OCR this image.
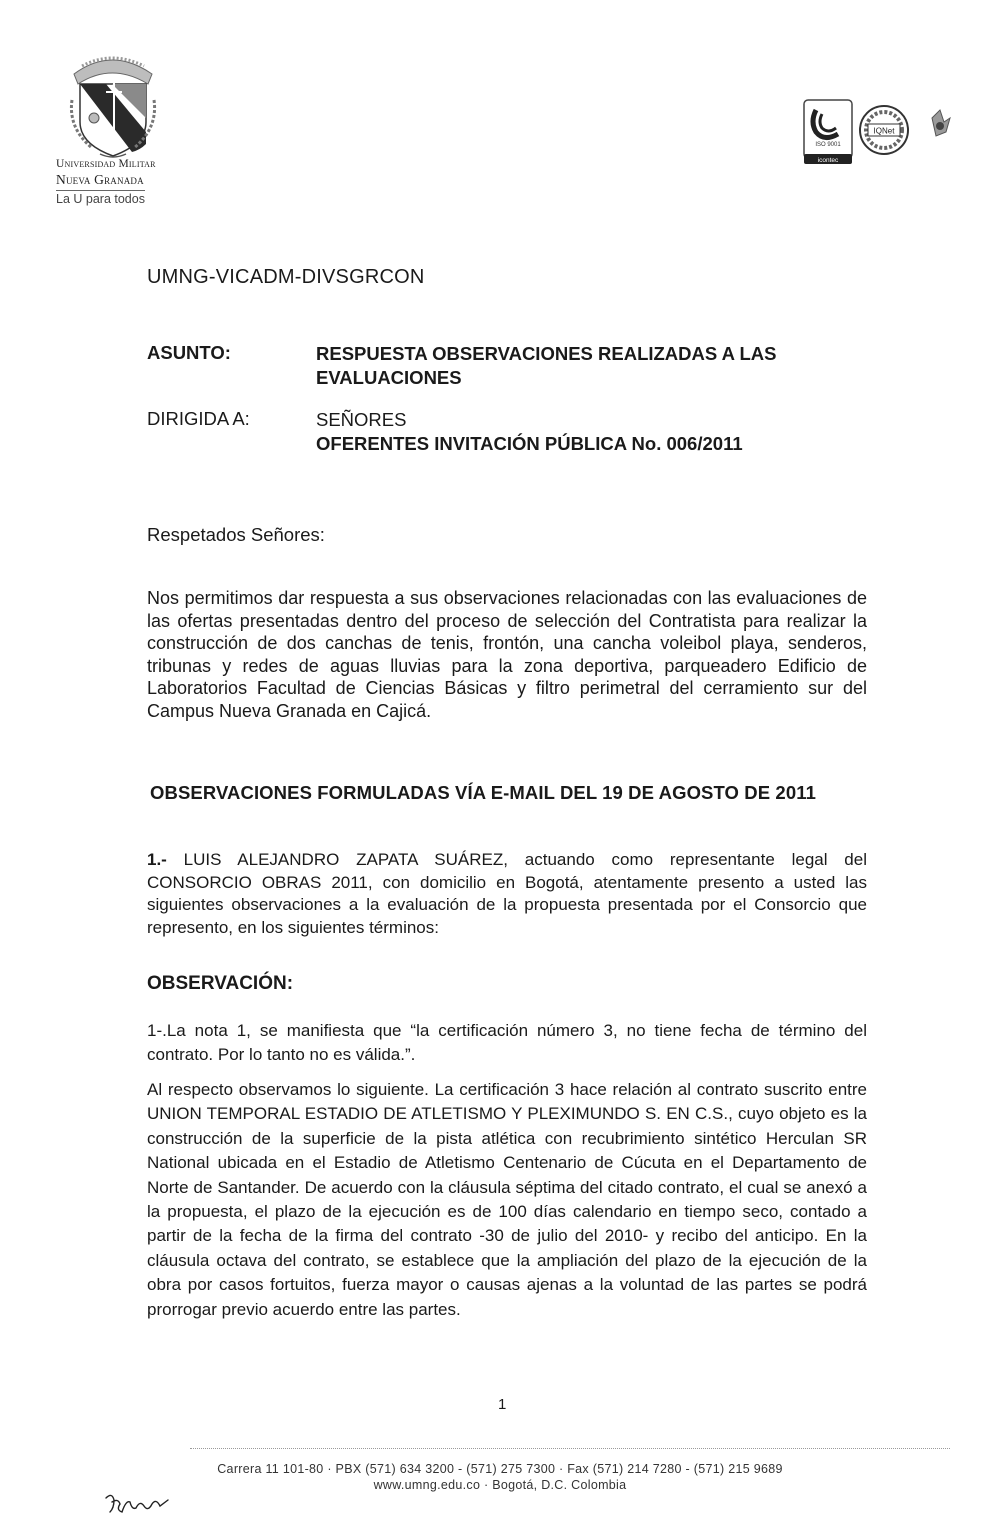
Universidad Militar
Nueva Granada
La U para todos
ISO 9001
icontec
IQNet
UMNG-VICADM-DIVSGRCON
ASUNTO:	RESPUESTA OBSERVACIONES REALIZADAS A LAS
EVALUACIONES
DIRIGIDA A:	SEÑORES
OFERENTES INVITACIÓN PÚBLICA No. 006/2011
Respetados Señores:
Nos permitimos dar respuesta a sus observaciones relacionadas con las evaluaciones de las ofertas presentadas dentro del proceso de selección del Contratista para realizar la construcción de dos canchas de tenis, frontón, una cancha voleibol playa, senderos, tribunas y redes de aguas lluvias para la zona deportiva, parqueadero Edificio de Laboratorios Facultad de Ciencias Básicas y filtro perimetral del cerramiento sur del Campus Nueva Granada en Cajicá.
OBSERVACIONES FORMULADAS VÍA E-MAIL DEL 19 DE AGOSTO DE 2011
1.- LUIS ALEJANDRO ZAPATA SUÁREZ, actuando como representante legal del CONSORCIO OBRAS 2011, con domicilio en Bogotá, atentamente presento a usted las siguientes observaciones a la evaluación de la propuesta presentada por el Consorcio que represento, en los siguientes términos:
OBSERVACIÓN:
1-.La nota 1, se manifiesta que “la certificación número 3, no tiene fecha de término del contrato. Por lo tanto no es válida.”.
Al respecto observamos lo siguiente. La certificación 3 hace relación al contrato suscrito entre UNION TEMPORAL ESTADIO DE ATLETISMO Y PLEXIMUNDO S. EN C.S., cuyo objeto es la construcción de la superficie de la pista atlética con recubrimiento sintético Herculan SR National ubicada en el Estadio de Atletismo Centenario de Cúcuta en el Departamento de Norte de Santander. De acuerdo con la cláusula séptima del citado contrato, el cual se anexó a la propuesta, el plazo de la ejecución es de 100 días calendario en tiempo seco, contado a partir de la fecha de la firma del contrato -30 de julio del 2010- y recibo del anticipo. En la cláusula octava del contrato, se establece que la ampliación del plazo de la ejecución de la obra por casos fortuitos, fuerza mayor o causas ajenas a la voluntad de las partes se podrá prorrogar previo acuerdo entre las partes.
1
Carrera 11 101-80 · PBX (571) 634 3200 - (571) 275 7300 · Fax (571) 214 7280 - (571) 215 9689
www.umng.edu.co · Bogotá, D.C. Colombia
